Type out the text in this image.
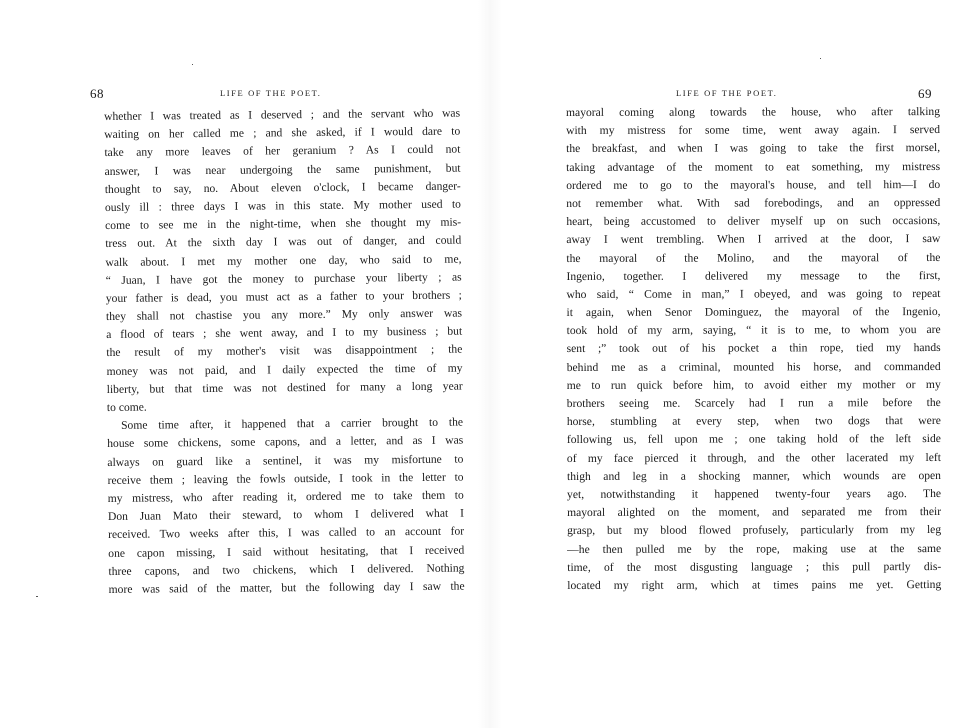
68	LIFE OF THE POET.
whether I was treated as I deserved ; and the servant who was
waiting on her called me ; and she asked, if I would dare to
take any more leaves of her geranium ? As I could not
answer, I was near undergoing the same punishment, but
thought to say, no. About eleven o'clock, I became danger-
ously ill : three days I was in this state. My mother used to
come to see me in the night-time, when she thought my mis-
tress out. At the sixth day I was out of danger, and could
walk about. I met my mother one day, who said to me,
“ Juan, I have got the money to purchase your liberty ; as
your father is dead, you must act as a father to your brothers ;
they shall not chastise you any more.” My only answer was
a flood of tears ; she went away, and I to my business ; but
the result of my mother's visit was disappointment ; the
money was not paid, and I daily expected the time of my
liberty, but that time was not destined for many a long year
to come.
Some time after, it happened that a carrier brought to the
house some chickens, some capons, and a letter, and as I was
always on guard like a sentinel, it was my misfortune to
receive them ; leaving the fowls outside, I took in the letter to
my mistress, who after reading it, ordered me to take them to
Don Juan Mato their steward, to whom I delivered what I
received. Two weeks after this, I was called to an account for
one capon missing, I said without hesitating, that I received
three capons, and two chickens, which I delivered. Nothing
more was said of the matter, but the following day I saw the
LIFE OF THE POET.	69
mayoral coming along towards the house, who after talking
with my mistress for some time, went away again. I served
the breakfast, and when I was going to take the first morsel,
taking advantage of the moment to eat something, my mistress
ordered me to go to the mayoral's house, and tell him—I do
not remember what. With sad forebodings, and an oppressed
heart, being accustomed to deliver myself up on such occasions,
away I went trembling. When I arrived at the door, I saw
the mayoral of the Molino, and the mayoral of the
Ingenio, together. I delivered my message to the first,
who said, “ Come in man,” I obeyed, and was going to repeat
it again, when Senor Dominguez, the mayoral of the Ingenio,
took hold of my arm, saying, “ it is to me, to whom you are
sent ;” took out of his pocket a thin rope, tied my hands
behind me as a criminal, mounted his horse, and commanded
me to run quick before him, to avoid either my mother or my
brothers seeing me. Scarcely had I run a mile before the
horse, stumbling at every step, when two dogs that were
following us, fell upon me ; one taking hold of the left side
of my face pierced it through, and the other lacerated my left
thigh and leg in a shocking manner, which wounds are open
yet, notwithstanding it happened twenty-four years ago. The
mayoral alighted on the moment, and separated me from their
grasp, but my blood flowed profusely, particularly from my leg
—he then pulled me by the rope, making use at the same
time, of the most disgusting language ; this pull partly dis-
located my right arm, which at times pains me yet. Getting
